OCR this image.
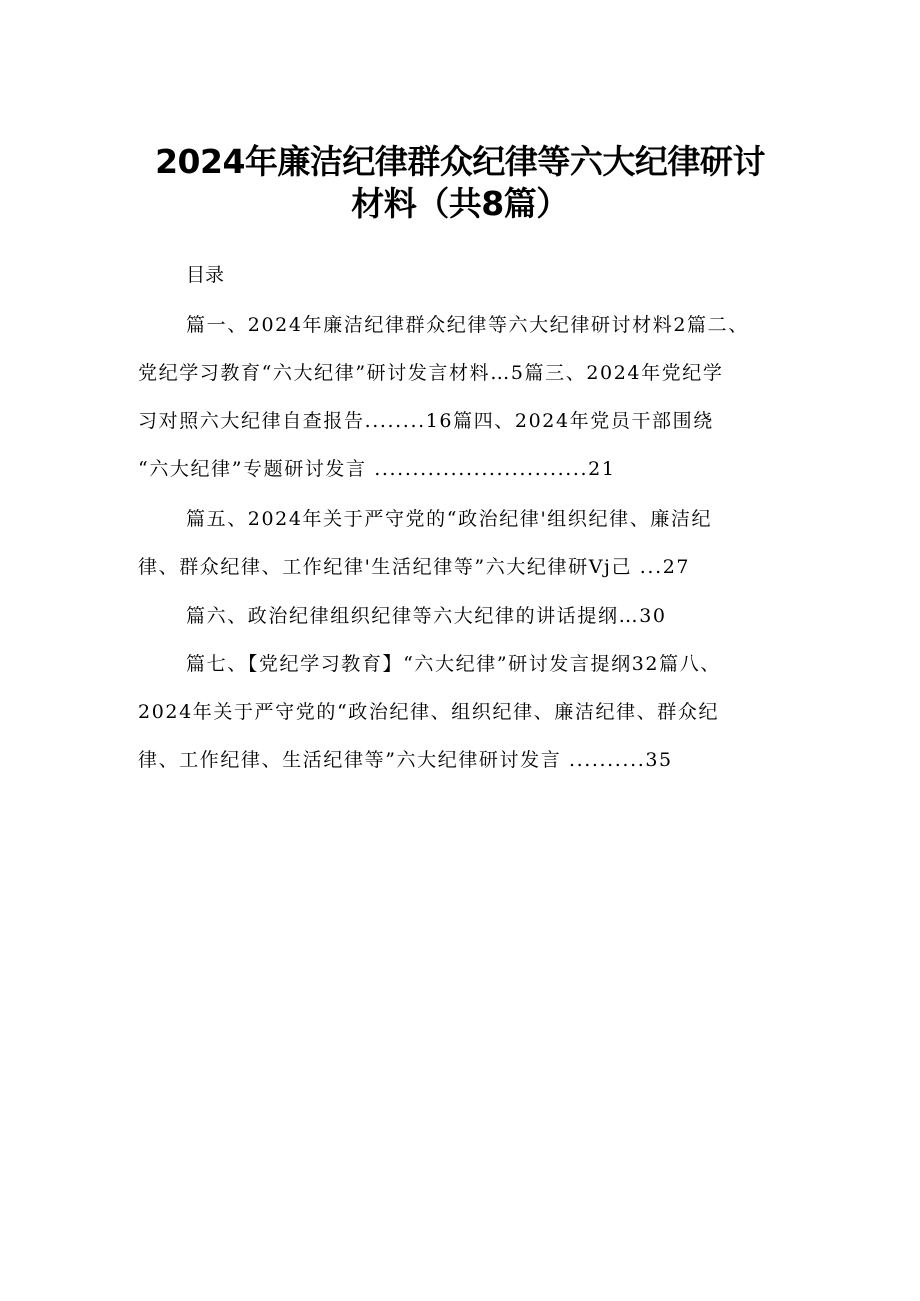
2024年廉洁纪律群众纪律等六大纪律研讨
材料（共8篇）
目录
篇一、2024年廉洁纪律群众纪律等六大纪律研讨材料2篇二、
党纪学习教育“六大纪律”研讨发言材料…5篇三、2024年党纪学
习对照六大纪律自查报告........16篇四、2024年党员干部围绕
“六大纪律”专题研讨发言 ............................21
篇五、2024年关于严守党的“政治纪律'组织纪律、廉洁纪
律、群众纪律、工作纪律'生活纪律等”六大纪律研Vj己 ...27
篇六、政治纪律组织纪律等六大纪律的讲话提纲…30
篇七、【党纪学习教育】“六大纪律”研讨发言提纲32篇八、
2024年关于严守党的“政治纪律、组织纪律、廉洁纪律、群众纪
律、工作纪律、生活纪律等”六大纪律研讨发言 ..........35
